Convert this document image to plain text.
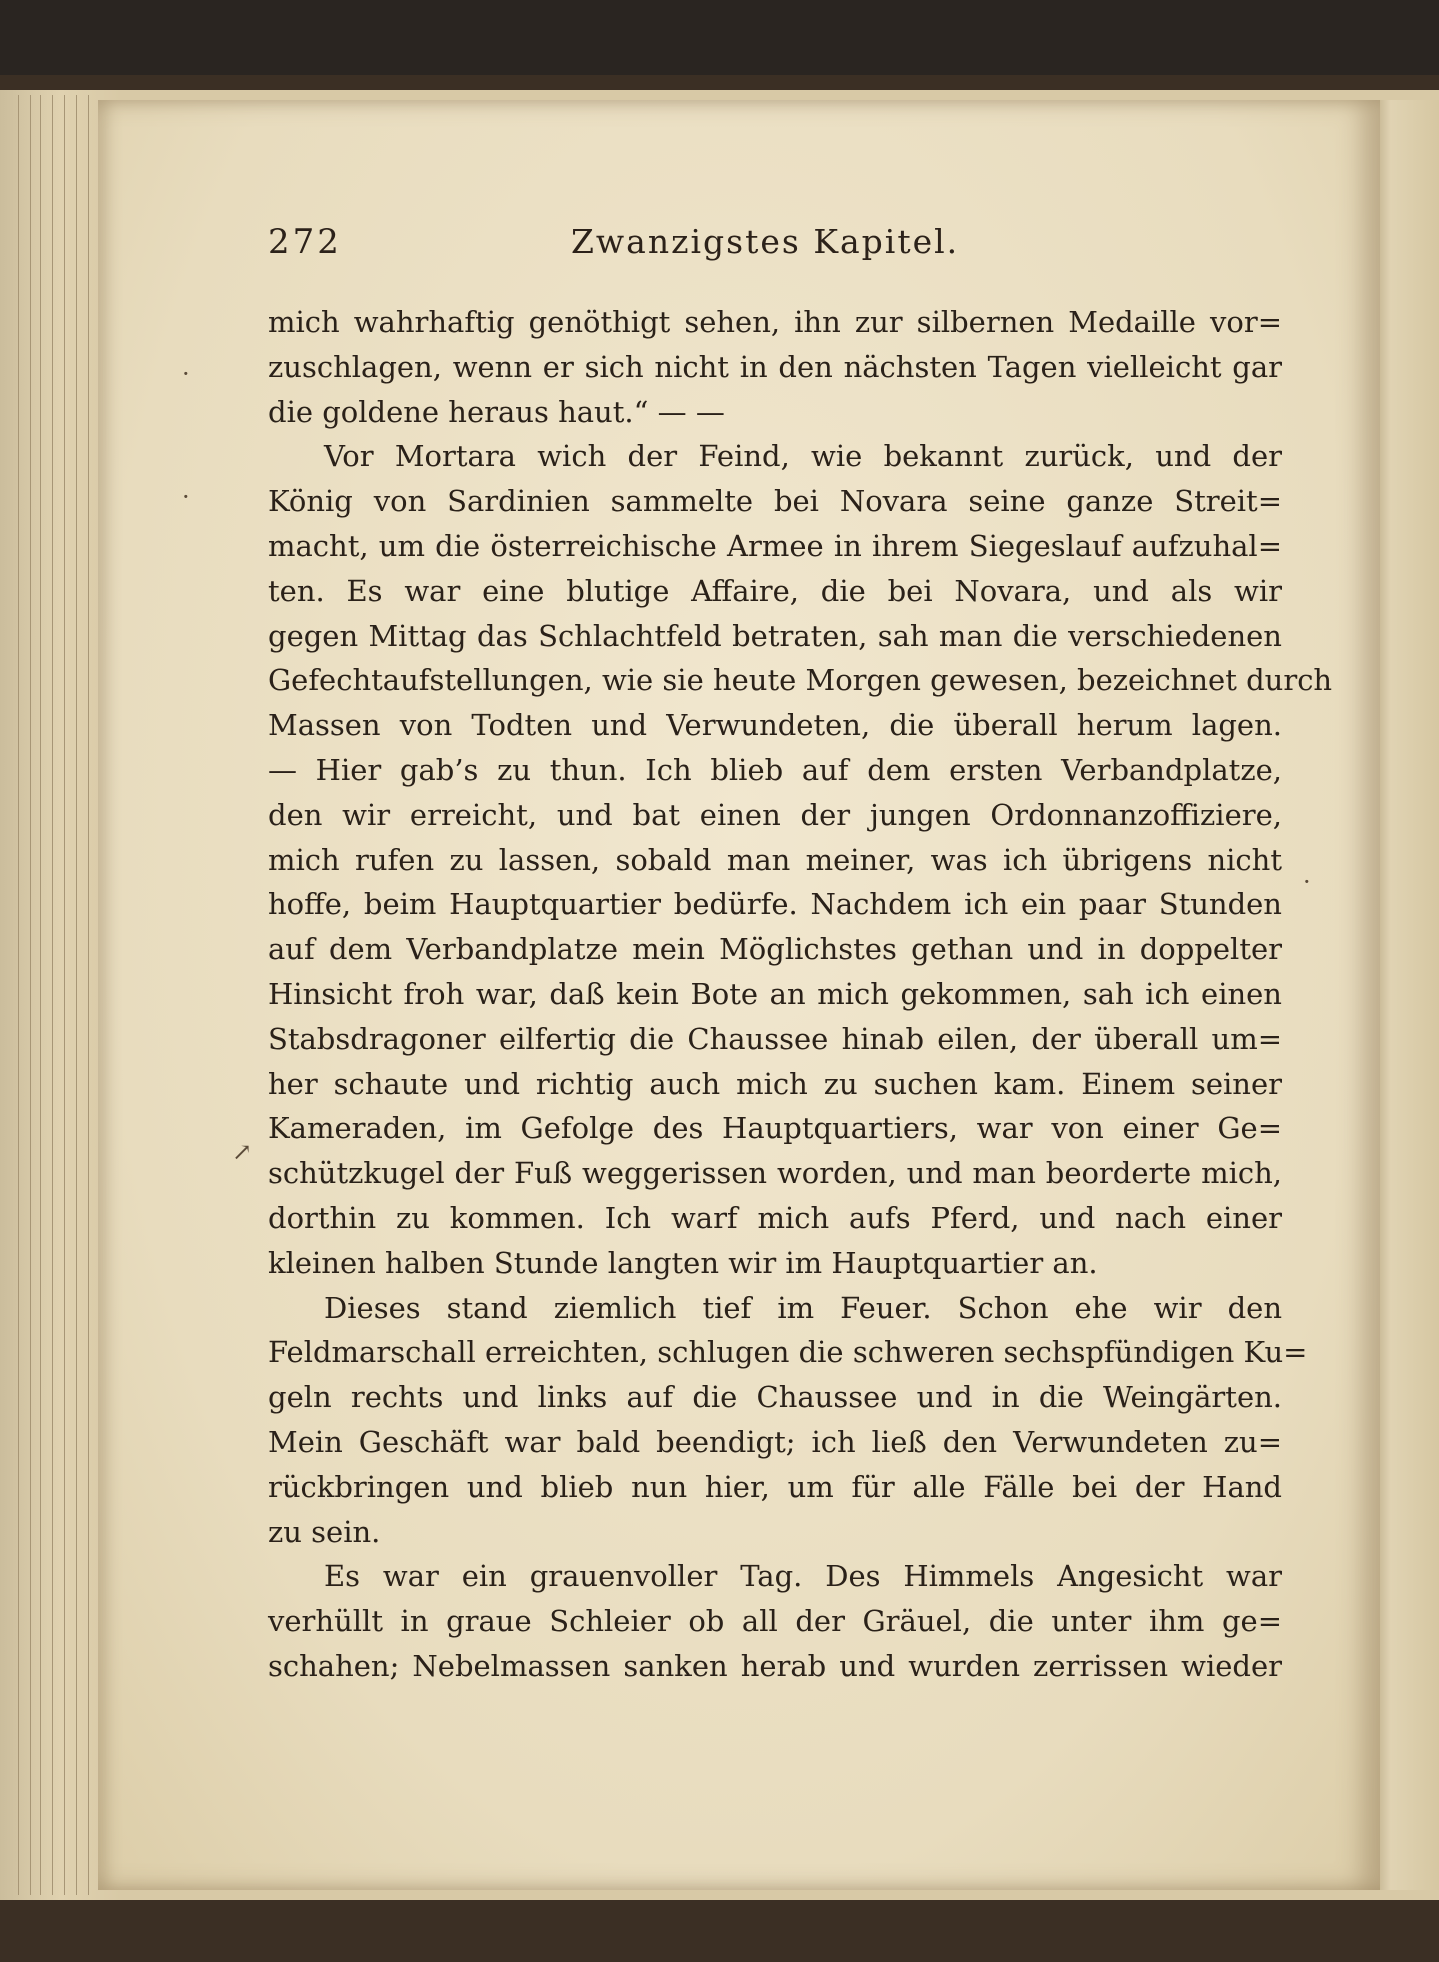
272	Zwanzigstes Kapitel.
mich wahrhaftig genöthigt sehen, ihn zur silbernen Medaille vor=
zuschlagen, wenn er sich nicht in den nächsten Tagen vielleicht gar
die goldene heraus haut.“ — —
Vor Mortara wich der Feind, wie bekannt zurück, und der
König von Sardinien sammelte bei Novara seine ganze Streit=
macht, um die österreichische Armee in ihrem Siegeslauf aufzuhal=
ten. Es war eine blutige Affaire, die bei Novara, und als wir
gegen Mittag das Schlachtfeld betraten, sah man die verschiedenen
Gefechtaufstellungen, wie sie heute Morgen gewesen, bezeichnet durch
Massen von Todten und Verwundeten, die überall herum lagen.
— Hier gab’s zu thun. Ich blieb auf dem ersten Verbandplatze,
den wir erreicht, und bat einen der jungen Ordonnanzoffiziere,
mich rufen zu lassen, sobald man meiner, was ich übrigens nicht
hoffe, beim Hauptquartier bedürfe. Nachdem ich ein paar Stunden
auf dem Verbandplatze mein Möglichstes gethan und in doppelter
Hinsicht froh war, daß kein Bote an mich gekommen, sah ich einen
Stabsdragoner eilfertig die Chaussee hinab eilen, der überall um=
her schaute und richtig auch mich zu suchen kam. Einem seiner
Kameraden, im Gefolge des Hauptquartiers, war von einer Ge=
schützkugel der Fuß weggerissen worden, und man beorderte mich,
dorthin zu kommen. Ich warf mich aufs Pferd, und nach einer
kleinen halben Stunde langten wir im Hauptquartier an.
Dieses stand ziemlich tief im Feuer. Schon ehe wir den
Feldmarschall erreichten, schlugen die schweren sechspfündigen Ku=
geln rechts und links auf die Chaussee und in die Weingärten.
Mein Geschäft war bald beendigt; ich ließ den Verwundeten zu=
rückbringen und blieb nun hier, um für alle Fälle bei der Hand
zu sein.
Es war ein grauenvoller Tag. Des Himmels Angesicht war
verhüllt in graue Schleier ob all der Gräuel, die unter ihm ge=
schahen; Nebelmassen sanken herab und wurden zerrissen wieder
·
·
·
↗
